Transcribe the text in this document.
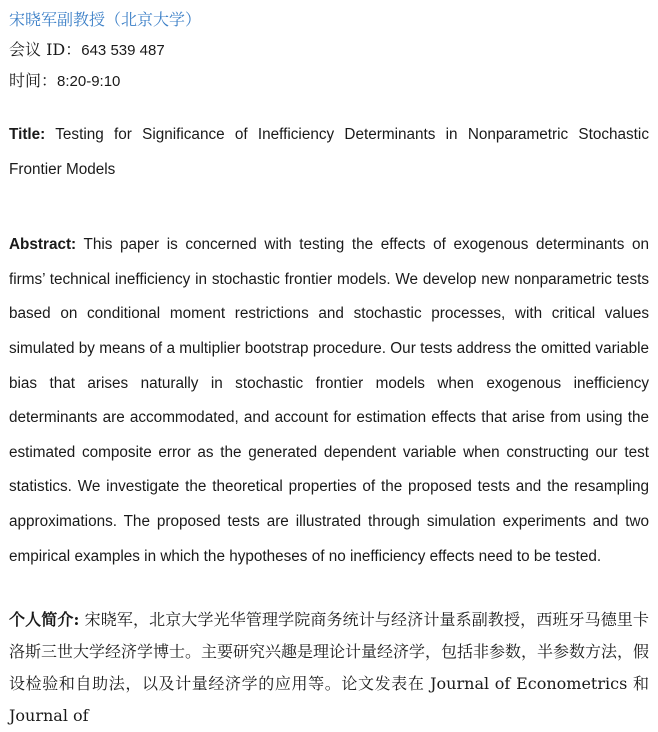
宋晓军副教授（北京大学）
会议 ID：643 539 487
时间：8:20-9:10

Title: Testing for Significance of Inefficiency Determinants in Nonparametric Stochastic Frontier Models

Abstract: This paper is concerned with testing the effects of exogenous determinants on firms’ technical inefficiency in stochastic frontier models. We develop new nonparametric tests based on conditional moment restrictions and stochastic processes, with critical values simulated by means of a multiplier bootstrap procedure. Our tests address the omitted variable bias that arises naturally in stochastic frontier models when exogenous inefficiency determinants are accommodated, and account for estimation effects that arise from using the estimated composite error as the generated dependent variable when constructing our test statistics. We investigate the theoretical properties of the proposed tests and the resampling approximations. The proposed tests are illustrated through simulation experiments and two empirical examples in which the hypotheses of no inefficiency effects need to be tested.

个人简介: 宋晓军，北京大学光华管理学院商务统计与经济计量系副教授，西班牙马德里卡洛斯三世大学经济学博士。主要研究兴趣是理论计量经济学，包括非参数，半参数方法，假设检验和自助法，以及计量经济学的应用等。论文发表在 Journal of Econometrics 和 Journal of
